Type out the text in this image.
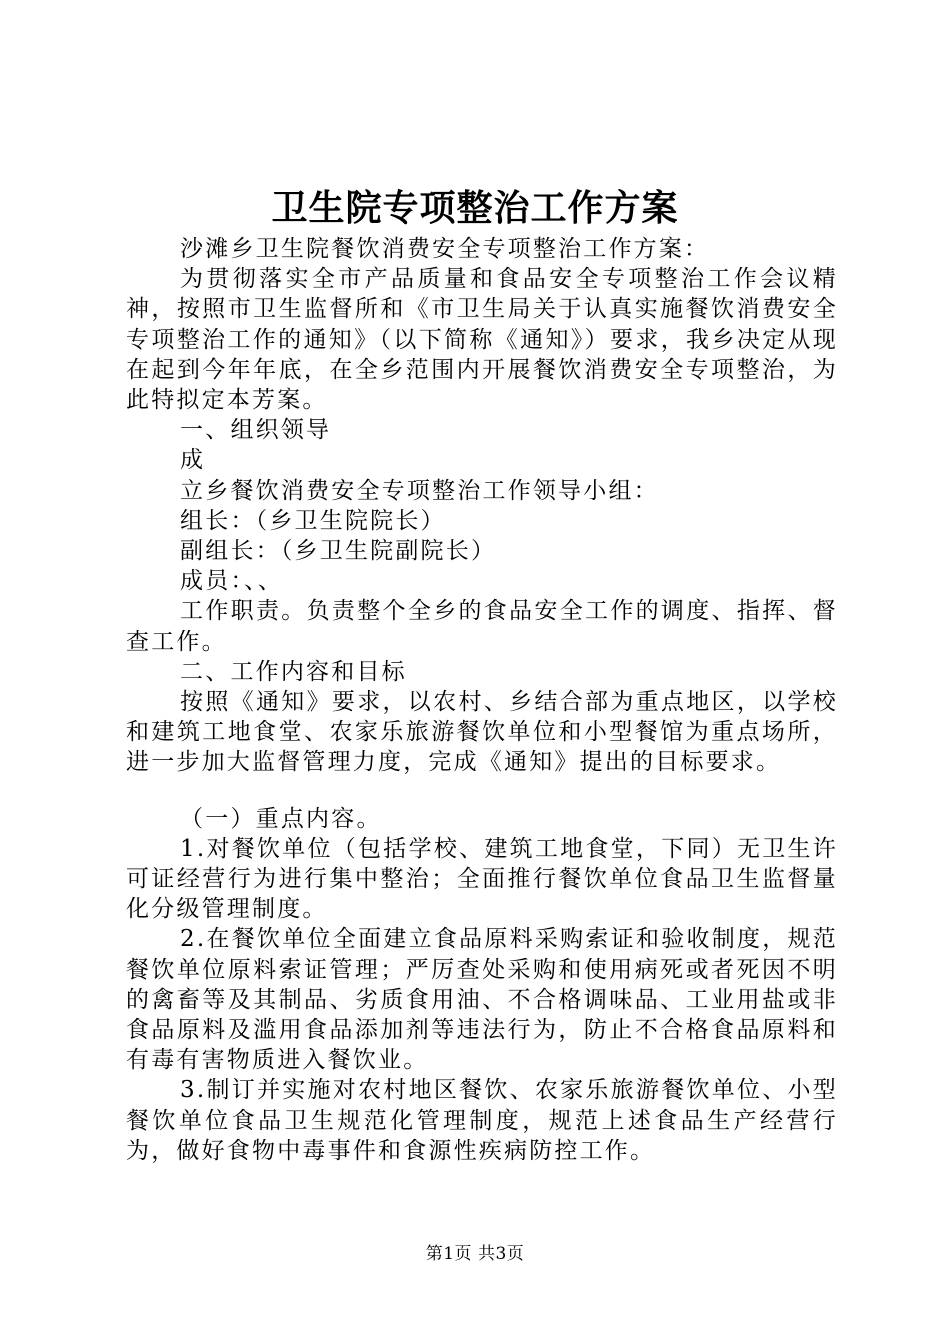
卫生院专项整治工作方案

沙滩乡卫生院餐饮消费安全专项整治工作方案：

为贯彻落实全市产品质量和食品安全专项整治工作会议精神，按照市卫生监督所和《市卫生局关于认真实施餐饮消费安全专项整治工作的通知》（以下简称《通知》）要求，我乡决定从现在起到今年年底，在全乡范围内开展餐饮消费安全专项整治，为此特拟定本芳案。

一、组织领导

成

立乡餐饮消费安全专项整治工作领导小组：

组长：（乡卫生院院长）

副组长：（乡卫生院副院长）

成员：、、

工作职责。负责整个全乡的食品安全工作的调度、指挥、督查工作。

二、工作内容和目标

按照《通知》要求，以农村、乡结合部为重点地区，以学校和建筑工地食堂、农家乐旅游餐饮单位和小型餐馆为重点场所，进一步加大监督管理力度，完成《通知》提出的目标要求。

（一）重点内容。

1.对餐饮单位（包括学校、建筑工地食堂，下同）无卫生许可证经营行为进行集中整治；全面推行餐饮单位食品卫生监督量化分级管理制度。

2.在餐饮单位全面建立食品原料采购索证和验收制度，规范餐饮单位原料索证管理；严厉查处采购和使用病死或者死因不明的禽畜等及其制品、劣质食用油、不合格调味品、工业用盐或非食品原料及滥用食品添加剂等违法行为，防止不合格食品原料和有毒有害物质进入餐饮业。

3.制订并实施对农村地区餐饮、农家乐旅游餐饮单位、小型餐饮单位食品卫生规范化管理制度，规范上述食品生产经营行为，做好食物中毒事件和食源性疾病防控工作。

第1页 共3页
